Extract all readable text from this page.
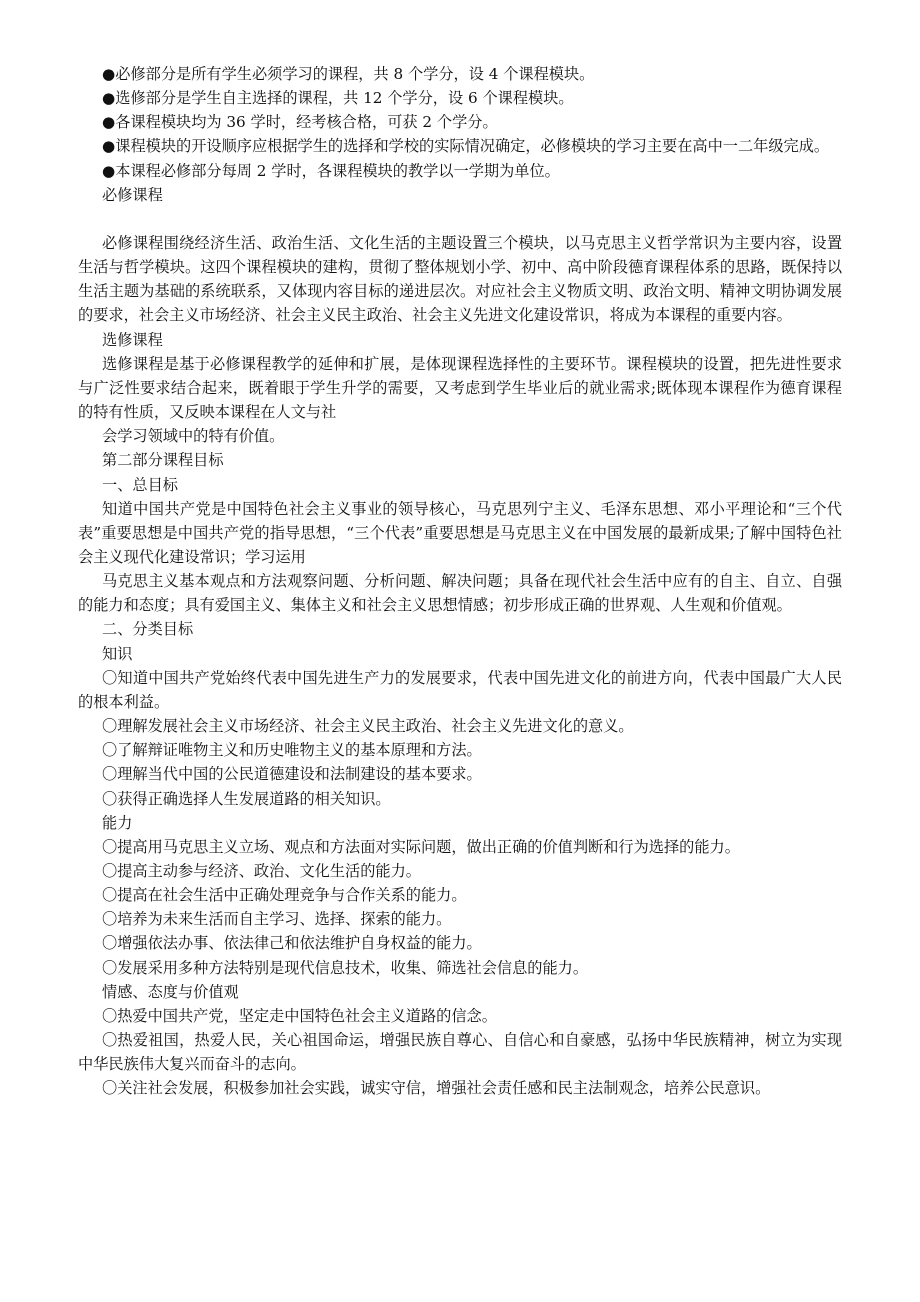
●必修部分是所有学生必须学习的课程，共 8 个学分，设 4 个课程模块。

●选修部分是学生自主选择的课程，共 12 个学分，设 6 个课程模块。

●各课程模块均为 36 学时，经考核合格，可获 2 个学分。

●课程模块的开设顺序应根据学生的选择和学校的实际情况确定，必修模块的学习主要在高中一二年级完成。

●本课程必修部分每周 2 学时，各课程模块的教学以一学期为单位。

必修课程

必修课程围绕经济生活、政治生活、文化生活的主题设置三个模块，以马克思主义哲学常识为主要内容，设置生活与哲学模块。这四个课程模块的建构，贯彻了整体规划小学、初中、高中阶段德育课程体系的思路，既保持以生活主题为基础的系统联系，又体现内容目标的递进层次。对应社会主义物质文明、政治文明、精神文明协调发展的要求，社会主义市场经济、社会主义民主政治、社会主义先进文化建设常识，将成为本课程的重要内容。

选修课程

选修课程是基于必修课程教学的延伸和扩展，是体现课程选择性的主要环节。课程模块的设置，把先进性要求与广泛性要求结合起来，既着眼于学生升学的需要，又考虑到学生毕业后的就业需求;既体现本课程作为德育课程的特有性质，又反映本课程在人文与社

会学习领域中的特有价值。

第二部分课程目标

一、总目标

知道中国共产党是中国特色社会主义事业的领导核心，马克思列宁主义、毛泽东思想、邓小平理论和“三个代表”重要思想是中国共产党的指导思想，“三个代表”重要思想是马克思主义在中国发展的最新成果;了解中国特色社会主义现代化建设常识；学习运用

马克思主义基本观点和方法观察问题、分析问题、解决问题；具备在现代社会生活中应有的自主、自立、自强的能力和态度；具有爱国主义、集体主义和社会主义思想情感；初步形成正确的世界观、人生观和价值观。

二、分类目标

知识

〇知道中国共产党始终代表中国先进生产力的发展要求，代表中国先进文化的前进方向，代表中国最广大人民的根本利益。

〇理解发展社会主义市场经济、社会主义民主政治、社会主义先进文化的意义。

〇了解辩证唯物主义和历史唯物主义的基本原理和方法。

〇理解当代中国的公民道德建设和法制建设的基本要求。

〇获得正确选择人生发展道路的相关知识。

能力

〇提高用马克思主义立场、观点和方法面对实际问题，做出正确的价值判断和行为选择的能力。

〇提高主动参与经济、政治、文化生活的能力。

〇提高在社会生活中正确处理竞争与合作关系的能力。

〇培养为未来生活而自主学习、选择、探索的能力。

〇增强依法办事、依法律己和依法维护自身权益的能力。

〇发展采用多种方法特别是现代信息技术，收集、筛选社会信息的能力。

情感、态度与价值观

〇热爱中国共产党，坚定走中国特色社会主义道路的信念。

〇热爱祖国，热爱人民，关心祖国命运，增强民族自尊心、自信心和自豪感，弘扬中华民族精神，树立为实现中华民族伟大复兴而奋斗的志向。

〇关注社会发展，积极参加社会实践，诚实守信，增强社会责任感和民主法制观念，培养公民意识。
